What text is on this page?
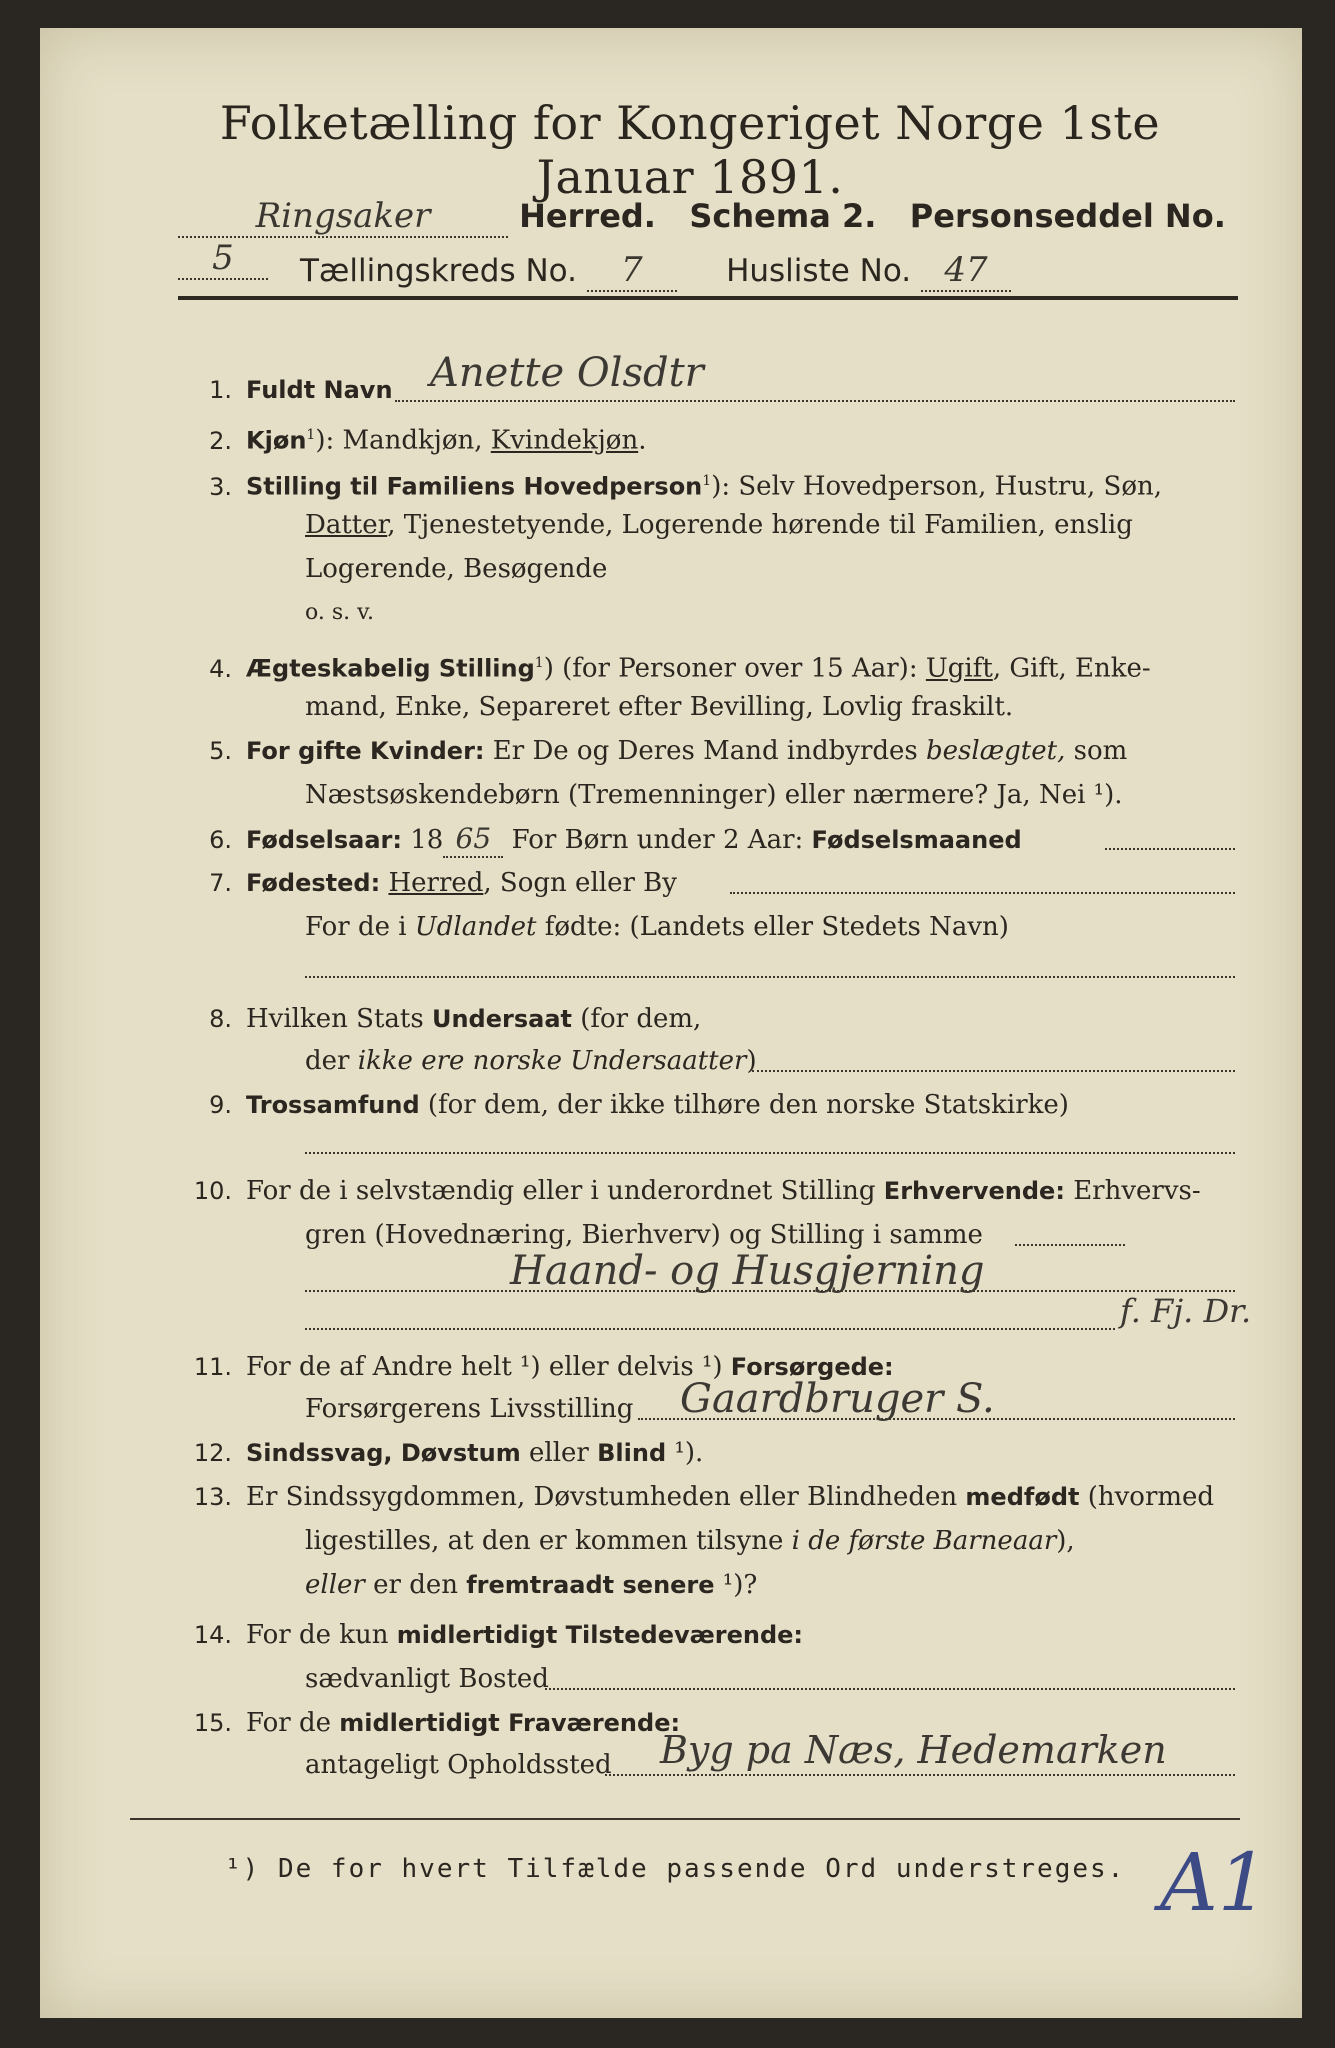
Folketælling for Kongeriget Norge 1ste Januar 1891.
Ringsaker	Herred. Schema 2. Personseddel No. 5	Tællingskreds No. 7	Husliste No. 47
1. Fuldt Navn Anette Olsdtr
2. Kjøn$^1$): Mandkjøn, Kvindekjøn.
3. Stilling til Familiens Hovedperson$^1$): Selv Hovedperson, Hustru, Søn,
Datter, Tjenestetyende, Logerende hørende til Familien, enslig
Logerende, Besøgende
o. s. v.
4. Ægteskabelig Stilling$^1$) (for Personer over 15 Aar): Ugift, Gift, Enke-
mand, Enke, Separeret efter Bevilling, Lovlig fraskilt.
5. For gifte Kvinder: Er De og Deres Mand indbyrdes beslægtet, som
Næstsøskendebørn (Tremenninger) eller nærmere? Ja, Nei ¹).
6. Fødselsaar: 18 65 For Børn under 2 Aar: Fødselsmaaned
7. Fødested: Herred, Sogn eller By
For de i Udlandet fødte: (Landets eller Stedets Navn)
8. Hvilken Stats Undersaat (for dem,
der ikke ere norske Undersaatter)
9. Trossamfund (for dem, der ikke tilhøre den norske Statskirke)
10. For de i selvstændig eller i underordnet Stilling Erhvervende: Erhvervs-
gren (Hovednæring, Bierhverv) og Stilling i samme
Haand- og Husgjerning
f. Fj. Dr.
11. For de af Andre helt ¹) eller delvis ¹) Forsørgede:
Forsørgerens Livsstilling Gaardbruger S.
12. Sindssvag, Døvstum eller Blind ¹).
13. Er Sindssygdommen, Døvstumheden eller Blindheden medfødt (hvormed
ligestilles, at den er kommen tilsyne i de første Barneaar),
eller er den fremtraadt senere ¹)?
14. For de kun midlertidigt Tilstedeværende:
sædvanligt Bosted
15. For de midlertidigt Fraværende:
antageligt Opholdssted Byg pa Næs, Hedemarken
¹) De for hvert Tilfælde passende Ord understreges. A1
